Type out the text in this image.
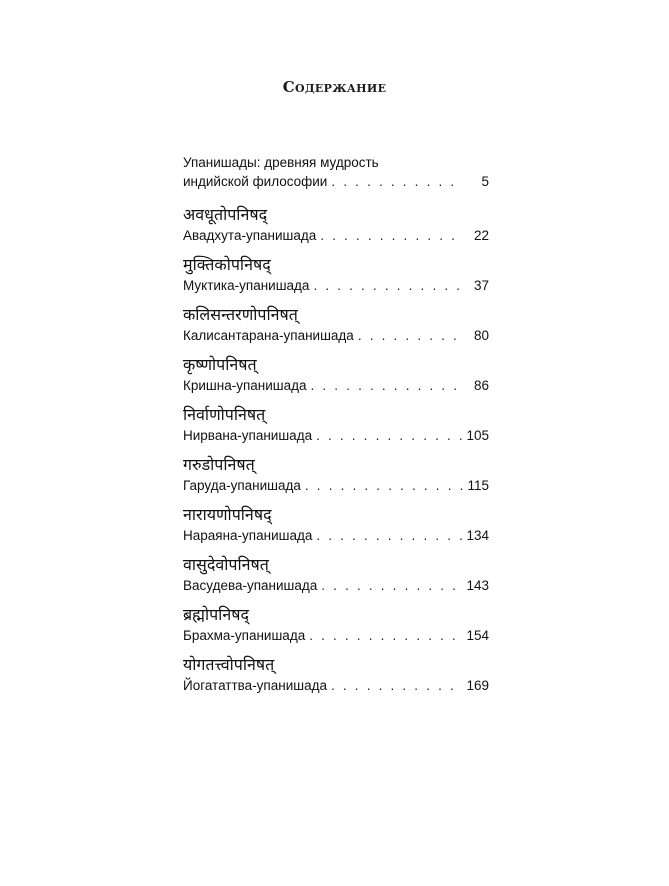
Содержание
Упанишады: древняя мудрость
индийской философии . . .	5
अवधूतोपनिषद्
Авадхута-упанишада . . .	22
मुक्तिकोपनिषद्
Муктика-упанишада . . .	37
कलिसन्तरणोपनिषत्
Калисантарана-упанишада . . .	80
कृष्णोपनिषत्
Кришна-упанишада . . .	86
निर्वाणोपनिषत्
Нирвана-упанишада . . .	105
गरुडोपनिषत्
Гаруда-упанишада . . .	115
नारायणोपनिषद्
Нараяна-упанишада . . .	134
वासुदेवोपनिषत्
Васудева-упанишада . . .	143
ब्रह्मोपनिषद्
Брахма-упанишада . . .	154
योगतत्त्वोपनिषत्
Йогататтва-упанишада . . .	169
